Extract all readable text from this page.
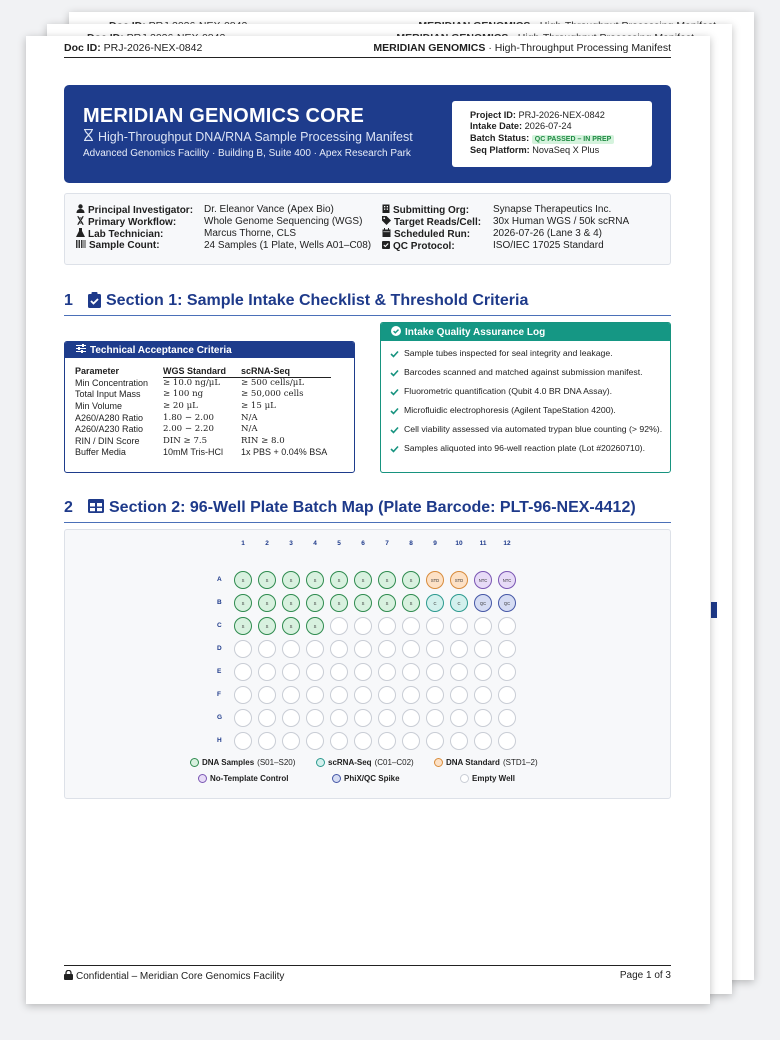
Doc ID: PRJ-2026-NEX-0842	MERIDIAN GENOMICS · High-Throughput Processing Manifest
MERIDIAN GENOMICS CORE
High-Throughput DNA/RNA Sample Processing Manifest
Advanced Genomics Facility · Building B, Suite 400 · Apex Research Park
Project ID: PRJ-2026-NEX-0842
Intake Date: 2026-07-24
Batch Status: QC PASSED – IN PREP
Seq Platform: NovaSeq X Plus
Principal Investigator: Dr. Eleanor Vance (Apex Bio)
Primary Workflow:	Whole Genome Sequencing (WGS)
Lab Technician:	Marcus Thorne, CLS
Sample Count:	24 Samples (1 Plate, Wells A01–C08)
Submitting Org: Synapse Therapeutics Inc.
Target Reads/Cell: 30x Human WGS / 50k scRNA
Scheduled Run: 2026-07-26 (Lane 3 & 4)
QC Protocol:	ISO/IEC 17025 Standard
1	Section 1: Sample Intake Checklist & Threshold Criteria
Technical Acceptance Criteria
Parameter	WGS Standard	scRNA-Seq
Min Concentration	≥ 10.0 ng/μL	≥ 500 cells/μL
Total Input Mass	≥ 100 ng	≥ 50,000 cells
Min Volume	≥ 20 μL	≥ 15 μL
A260/A280 Ratio	1.80 − 2.00	N/A
A260/A230 Ratio	2.00 − 2.20	N/A
RIN / DIN Score	DIN ≥ 7.5	RIN ≥ 8.0
Buffer Media	10mM Tris-HCl	1x PBS + 0.04% BSA
Intake Quality Assurance Log
Sample tubes inspected for seal integrity and leakage.
Barcodes scanned and matched against submission manifest.
Fluorometric quantification (Qubit 4.0 BR DNA Assay).
Microfluidic electrophoresis (Agilent TapeStation 4200).
Cell viability assessed via automated trypan blue counting (> 92%).
Samples aliquoted into 96-well reaction plate (Lot #20260710).
2	Section 2: 96-Well Plate Batch Map (Plate Barcode: PLT-96-NEX-4412)
DNA Samples (S01–S20)	scRNA-Seq (C01–C02)	DNA Standard (STD1–2)
No-Template Control	PhiX/QC Spike	Empty Well
1	2	3	4	5	6	7	8	9	10	11	12
A	S	S	S	S	S	S	S	S	STD	STD	NTC	NTC
B	S	S	S	S	S	S	S	S	C	C	QC	QC
C	S	S	S	S
D
E
F
G
H
Confidential – Meridian Core Genomics Facility	Page 1 of 3
